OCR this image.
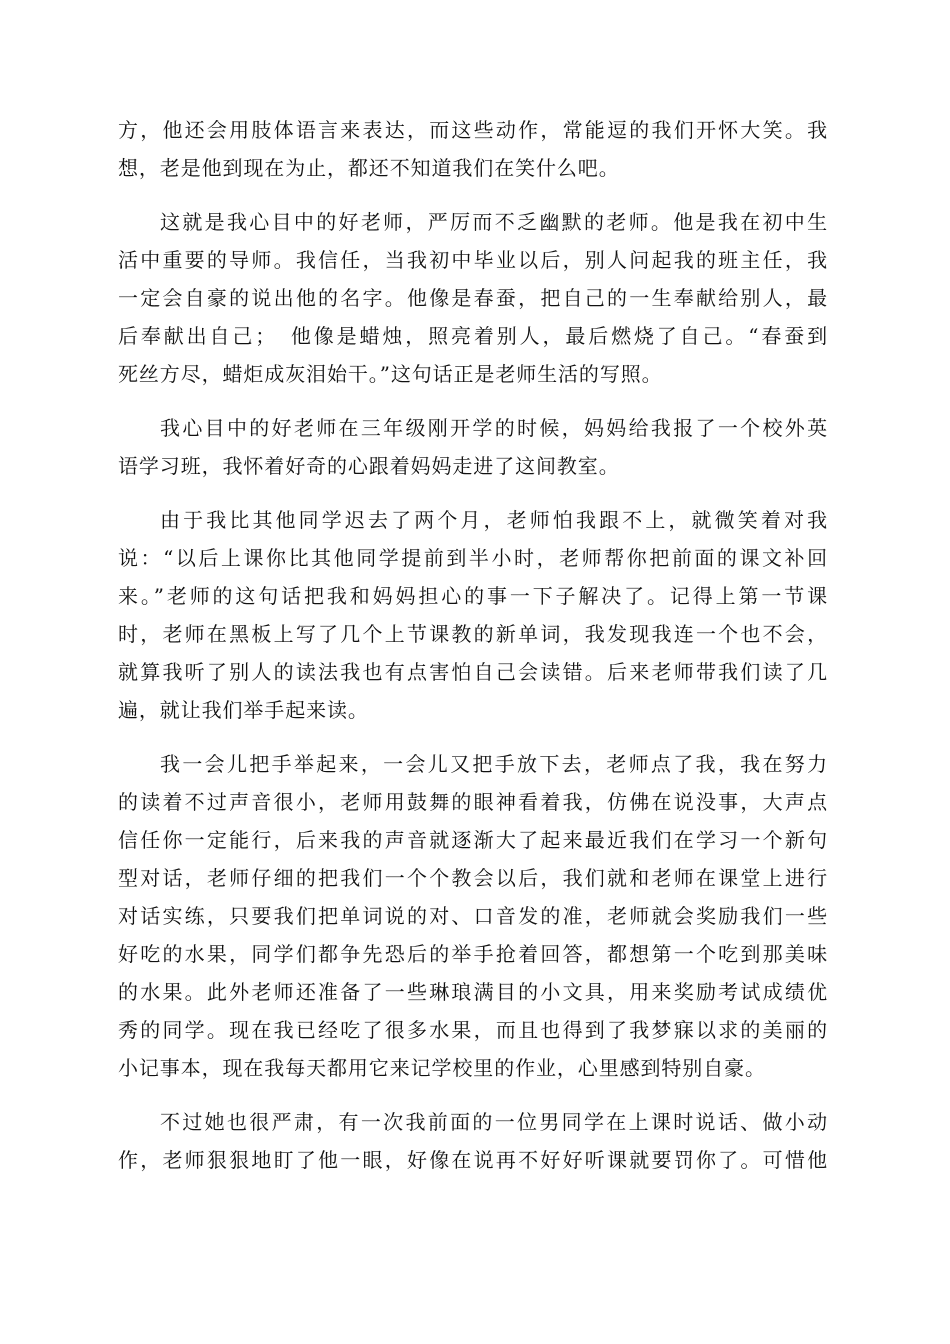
方，他还会用肢体语言来表达，而这些动作，常能逗的我们开怀大笑。我
想，老是他到现在为止，都还不知道我们在笑什么吧。

这就是我心目中的好老师，严厉而不乏幽默的老师。他是我在初中生
活中重要的导师。我信任，当我初中毕业以后，别人问起我的班主任，我
一定会自豪的说出他的名字。他像是春蚕，把自己的一生奉献给别人，最
后奉献出自己；　他像是蜡烛，照亮着别人，最后燃烧了自己。“春蚕到
死丝方尽，蜡炬成灰泪始干。”这句话正是老师生活的写照。

我心目中的好老师在三年级刚开学的时候，妈妈给我报了一个校外英
语学习班，我怀着好奇的心跟着妈妈走进了这间教室。

由于我比其他同学迟去了两个月，老师怕我跟不上，就微笑着对我
说：“以后上课你比其他同学提前到半小时，老师帮你把前面的课文补回
来。”老师的这句话把我和妈妈担心的事一下子解决了。记得上第一节课
时，老师在黑板上写了几个上节课教的新单词，我发现我连一个也不会，
就算我听了别人的读法我也有点害怕自己会读错。后来老师带我们读了几
遍，就让我们举手起来读。

我一会儿把手举起来，一会儿又把手放下去，老师点了我，我在努力
的读着不过声音很小，老师用鼓舞的眼神看着我，仿佛在说没事，大声点
信任你一定能行，后来我的声音就逐渐大了起来最近我们在学习一个新句
型对话，老师仔细的把我们一个个教会以后，我们就和老师在课堂上进行
对话实练，只要我们把单词说的对、口音发的准，老师就会奖励我们一些
好吃的水果，同学们都争先恐后的举手抢着回答，都想第一个吃到那美味
的水果。此外老师还准备了一些琳琅满目的小文具，用来奖励考试成绩优
秀的同学。现在我已经吃了很多水果，而且也得到了我梦寐以求的美丽的
小记事本，现在我每天都用它来记学校里的作业，心里感到特别自豪。

不过她也很严肃，有一次我前面的一位男同学在上课时说话、做小动
作，老师狠狠地盯了他一眼，好像在说再不好好听课就要罚你了。可惜他
